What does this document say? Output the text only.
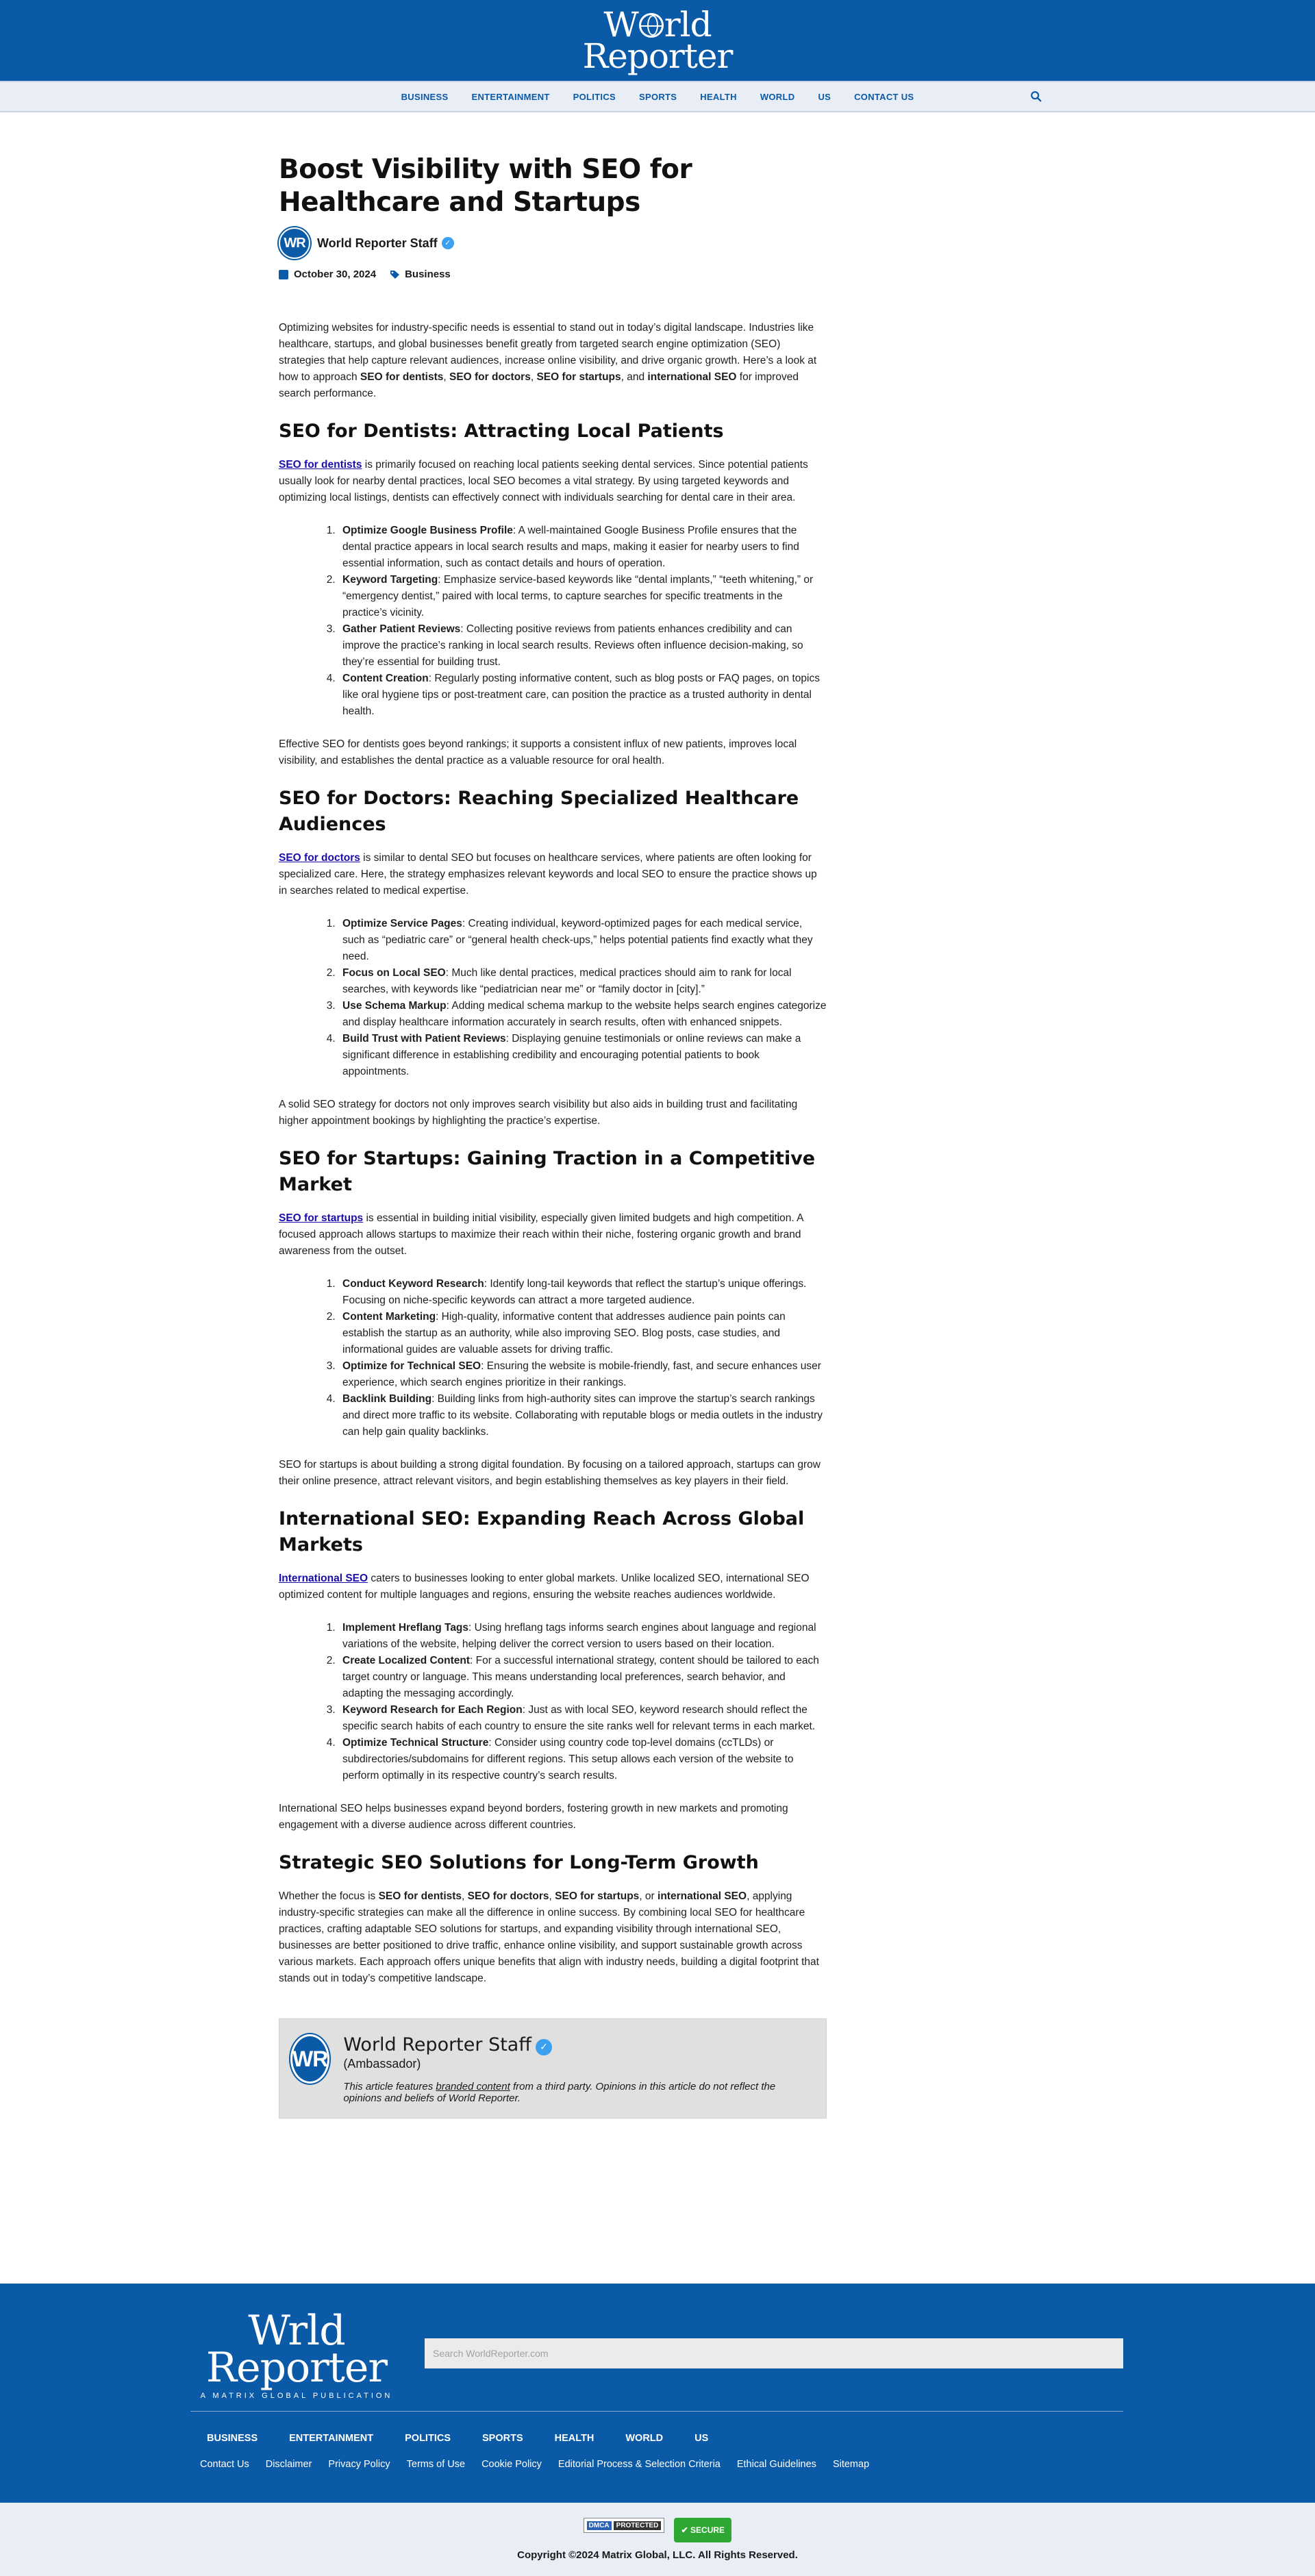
W rld
Reporter
BUSINESS	ENTERTAINMENT	POLITICS	SPORTS	HEALTH	WORLD	US	CONTACT US
Boost Visibility with SEO for Healthcare and Startups
WR World Reporter Staff ✓
October 30, 2024	Business

Optimizing websites for industry-specific needs is essential to stand out in today’s digital landscape. Industries like healthcare, startups, and global businesses benefit greatly from targeted search engine optimization (SEO) strategies that help capture relevant audiences, increase online visibility, and drive organic growth. Here’s a look at how to approach SEO for dentists, SEO for doctors, SEO for startups, and international SEO for improved search performance.

SEO for Dentists: Attracting Local Patients

SEO for dentists is primarily focused on reaching local patients seeking dental services. Since potential patients usually look for nearby dental practices, local SEO becomes a vital strategy. By using targeted keywords and optimizing local listings, dentists can effectively connect with individuals searching for dental care in their area.

1. Optimize Google Business Profile: A well-maintained Google Business Profile ensures that the dental practice appears in local search results and maps, making it easier for nearby users to find essential information, such as contact details and hours of operation.
2. Keyword Targeting: Emphasize service-based keywords like “dental implants,” “teeth whitening,” or “emergency dentist,” paired with local terms, to capture searches for specific treatments in the practice’s vicinity.
3. Gather Patient Reviews: Collecting positive reviews from patients enhances credibility and can improve the practice’s ranking in local search results. Reviews often influence decision-making, so they’re essential for building trust.
4. Content Creation: Regularly posting informative content, such as blog posts or FAQ pages, on topics like oral hygiene tips or post-treatment care, can position the practice as a trusted authority in dental health.

Effective SEO for dentists goes beyond rankings; it supports a consistent influx of new patients, improves local visibility, and establishes the dental practice as a valuable resource for oral health.

SEO for Doctors: Reaching Specialized Healthcare Audiences

SEO for doctors is similar to dental SEO but focuses on healthcare services, where patients are often looking for specialized care. Here, the strategy emphasizes relevant keywords and local SEO to ensure the practice shows up in searches related to medical expertise.

1. Optimize Service Pages: Creating individual, keyword-optimized pages for each medical service, such as “pediatric care” or “general health check-ups,” helps potential patients find exactly what they need.
2. Focus on Local SEO: Much like dental practices, medical practices should aim to rank for local searches, with keywords like “pediatrician near me” or “family doctor in [city].”
3. Use Schema Markup: Adding medical schema markup to the website helps search engines categorize and display healthcare information accurately in search results, often with enhanced snippets.
4. Build Trust with Patient Reviews: Displaying genuine testimonials or online reviews can make a significant difference in establishing credibility and encouraging potential patients to book appointments.

A solid SEO strategy for doctors not only improves search visibility but also aids in building trust and facilitating higher appointment bookings by highlighting the practice’s expertise.

SEO for Startups: Gaining Traction in a Competitive Market

SEO for startups is essential in building initial visibility, especially given limited budgets and high competition. A focused approach allows startups to maximize their reach within their niche, fostering organic growth and brand awareness from the outset.

1. Conduct Keyword Research: Identify long-tail keywords that reflect the startup’s unique offerings. Focusing on niche-specific keywords can attract a more targeted audience.
2. Content Marketing: High-quality, informative content that addresses audience pain points can establish the startup as an authority, while also improving SEO. Blog posts, case studies, and informational guides are valuable assets for driving traffic.
3. Optimize for Technical SEO: Ensuring the website is mobile-friendly, fast, and secure enhances user experience, which search engines prioritize in their rankings.
4. Backlink Building: Building links from high-authority sites can improve the startup’s search rankings and direct more traffic to its website. Collaborating with reputable blogs or media outlets in the industry can help gain quality backlinks.

SEO for startups is about building a strong digital foundation. By focusing on a tailored approach, startups can grow their online presence, attract relevant visitors, and begin establishing themselves as key players in their field.

International SEO: Expanding Reach Across Global Markets

International SEO caters to businesses looking to enter global markets. Unlike localized SEO, international SEO optimized content for multiple languages and regions, ensuring the website reaches audiences worldwide.

1. Implement Hreflang Tags: Using hreflang tags informs search engines about language and regional variations of the website, helping deliver the correct version to users based on their location.
2. Create Localized Content: For a successful international strategy, content should be tailored to each target country or language. This means understanding local preferences, search behavior, and adapting the messaging accordingly.
3. Keyword Research for Each Region: Just as with local SEO, keyword research should reflect the specific search habits of each country to ensure the site ranks well for relevant terms in each market.
4. Optimize Technical Structure: Consider using country code top-level domains (ccTLDs) or subdirectories/subdomains for different regions. This setup allows each version of the website to perform optimally in its respective country’s search results.

International SEO helps businesses expand beyond borders, fostering growth in new markets and promoting engagement with a diverse audience across different countries.

Strategic SEO Solutions for Long-Term Growth

Whether the focus is SEO for dentists, SEO for doctors, SEO for startups, or international SEO, applying industry-specific strategies can make all the difference in online success. By combining local SEO for healthcare practices, crafting adaptable SEO solutions for startups, and expanding visibility through international SEO, businesses are better positioned to drive traffic, enhance online visibility, and support sustainable growth across various markets. Each approach offers unique benefits that align with industry needs, building a digital footprint that stands out in today’s competitive landscape.

WR
World Reporter Staff ✓
(Ambassador)
This article features branded content from a third party. Opinions in this article do not reflect the opinions and beliefs of World Reporter.
Wrld
Reporter
A MATRIX GLOBAL PUBLICATION
Search WorldReporter.com
BUSINESS	ENTERTAINMENT	POLITICS	SPORTS	HEALTH	WORLD	US
Contact Us Disclaimer Privacy Policy Terms of Use Cookie Policy Editorial Process & Selection Criteria Ethical Guidelines Sitemap
DMCA	PROTECTED	✔ SECURE
Copyright ©2024 Matrix Global, LLC. All Rights Reserved.
